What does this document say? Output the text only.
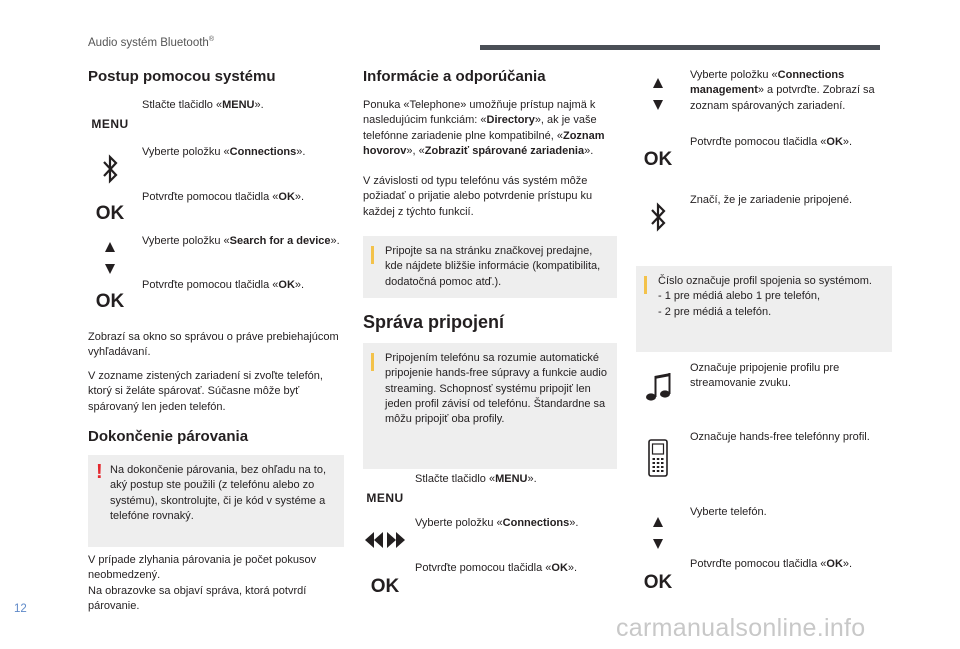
Audio systém Bluetooth®
Postup pomocou systému
MENU
Stlačte tlačidlo «MENU».
Vyberte položku «Connections».
OK
Potvrďte pomocou tlačidla «OK».
Vyberte položku «Search for a device».
OK
Potvrďte pomocou tlačidla «OK».

Zobrazí sa okno so správou o práve prebiehajúcom vyhľadávaní.

V zozname zistených zariadení si zvoľte telefón, ktorý si želáte spárovať. Súčasne môže byť spárovaný len jeden telefón.

Dokončenie párovania
! Na dokončenie párovania, bez ohľadu na to, aký postup ste použili (z telefónu alebo zo systému), skontrolujte, či je kód v systéme a telefóne rovnaký.

V prípade zlyhania párovania je počet pokusov neobmedzený.

Na obrazovke sa objaví správa, ktorá potvrdí párovanie.

Informácie a odporúčania

Ponuka «Telephone» umožňuje prístup najmä k nasledujúcim funkciám: «Directory», ak je vaše telefónne zariadenie plne kompatibilné, «Zoznam hovorov», «Zobraziť spárované zariadenia».

V závislosti od typu telefónu vás systém môže požiadať o prijatie alebo potvrdenie prístupu ku každej z týchto funkcií.

Pripojte sa na stránku značkovej predajne, kde nájdete bližšie informácie (kompatibilita, dodatočná pomoc atď.).
Správa pripojení
Pripojením telefónu sa rozumie automatické pripojenie hands-free súpravy a funkcie audio streaming. Schopnosť systému pripojiť len jeden profil závisí od telefónu. Štandardne sa môžu pripojiť oba profily.
MENU
Stlačte tlačidlo «MENU».
Vyberte položku «Connections».
OK
Potvrďte pomocou tlačidla «OK».
Vyberte položku «Connections management» a potvrďte. Zobrazí sa zoznam spárovaných zariadení.
OK
Potvrďte pomocou tlačidla «OK».
Značí, že je zariadenie pripojené.
Číslo označuje profil spojenia so systémom.
- 1 pre médiá alebo 1 pre telefón,
- 2 pre médiá a telefón.
Označuje pripojenie profilu pre streamovanie zvuku.
Označuje hands-free telefónny profil.
Vyberte telefón.
OK
Potvrďte pomocou tlačidla «OK».
12
carmanualsonline.info
